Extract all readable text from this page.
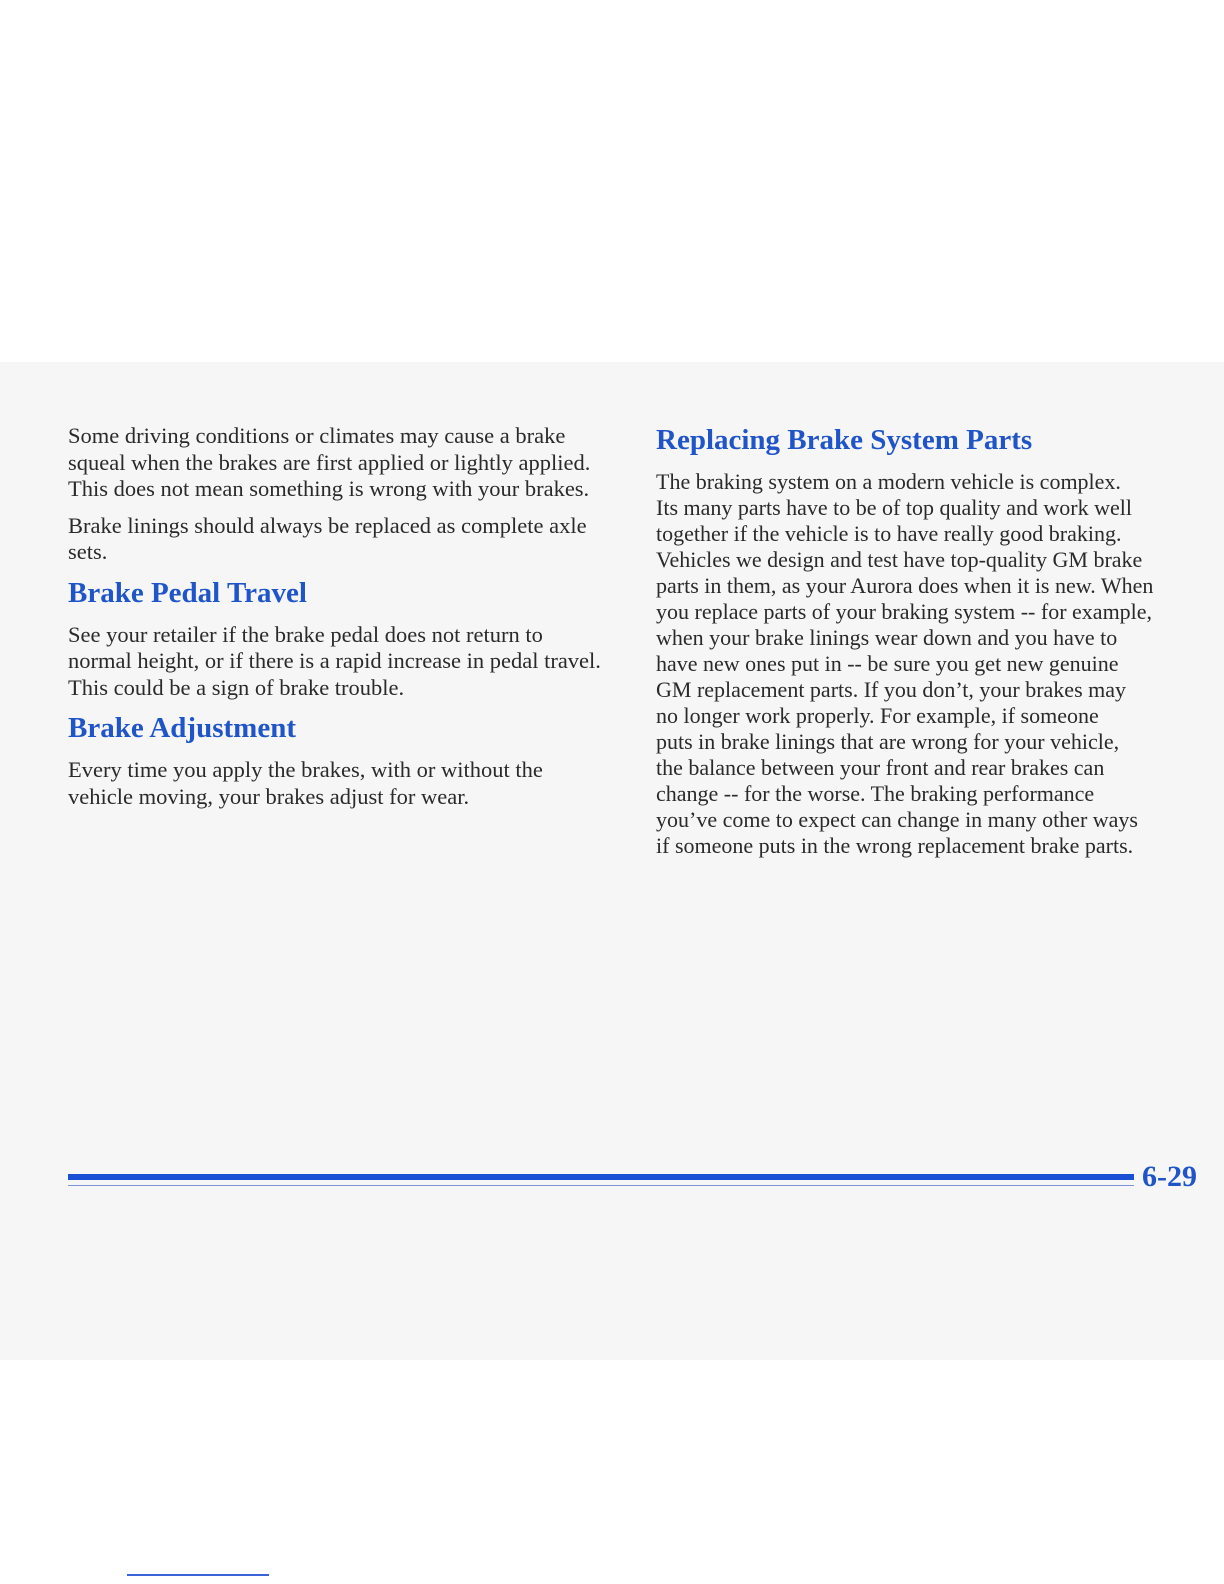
Some driving conditions or climates may cause a brake squeal when the brakes are first applied or lightly applied. This does not mean something is wrong with your brakes.

Brake linings should always be replaced as complete axle sets.

Brake Pedal Travel

See your retailer if the brake pedal does not return to normal height, or if there is a rapid increase in pedal travel. This could be a sign of brake trouble.

Brake Adjustment

Every time you apply the brakes, with or without the vehicle moving, your brakes adjust for wear.

Replacing Brake System Parts

The braking system on a modern vehicle is complex.
Its many parts have to be of top quality and work well
together if the vehicle is to have really good braking.
Vehicles we design and test have top-quality GM brake
parts in them, as your Aurora does when it is new. When
you replace parts of your braking system -- for example,
when your brake linings wear down and you have to
have new ones put in -- be sure you get new genuine
GM replacement parts. If you don’t, your brakes may
no longer work properly. For example, if someone
puts in brake linings that are wrong for your vehicle,
the balance between your front and rear brakes can
change -- for the worse. The braking performance
you’ve come to expect can change in many other ways
if someone puts in the wrong replacement brake parts.

6-29
